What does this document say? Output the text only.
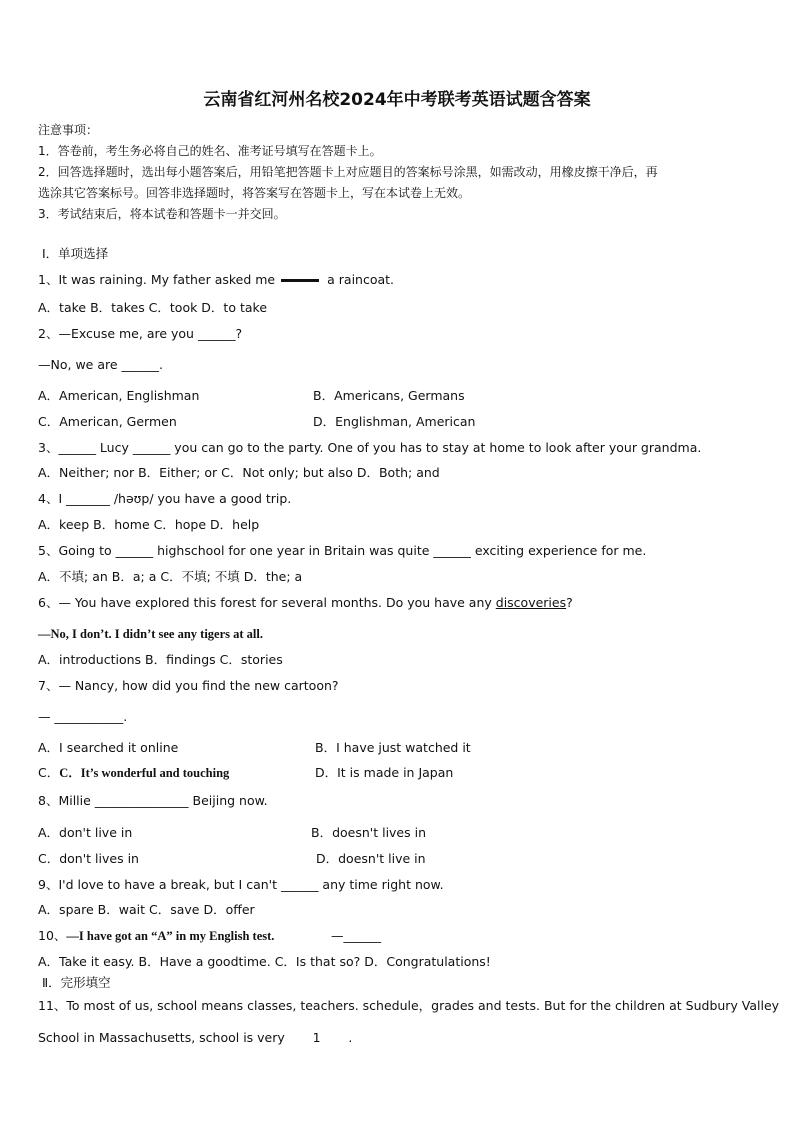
云南省红河州名校2024年中考联考英语试题含答案
注意事项：
1．答卷前，考生务必将自己的姓名、准考证号填写在答题卡上。
2．回答选择题时，选出每小题答案后，用铅笔把答题卡上对应题目的答案标号涂黑，如需改动，用橡皮擦干净后，再
选涂其它答案标号。回答非选择题时，将答案写在答题卡上，写在本试卷上无效。
3．考试结束后，将本试卷和答题卡一并交回。
Ⅰ．单项选择
1、It was raining. My father asked me	a raincoat.
A．take B．takes C．took D．to take
2、—Excuse me, are you ______?
—No, we are ______.
A．American, Englishman	B．Americans, Germans
C．American, Germen	D．Englishman, American
3、______ Lucy ______ you can go to the party. One of you has to stay at home to look after your grandma.
A．Neither; nor B．Either; or C．Not only; but also D．Both; and
4、I _______ /həʊp/ you have a good trip.
A．keep B．home C．hope D．help
5、Going to ______ highschool for one year in Britain was quite ______ exciting experience for me.
A．不填; an B．a; a C．不填; 不填 D．the; a
6、— You have explored this forest for several months. Do you have any discoveries?
—No, I don’t. I didn’t see any tigers at all.
A．introductions B．findings C．stories
7、— Nancy, how did you find the new cartoon?
— ___________.
A．I searched it online	B．I have just watched it
C．C．It’s wonderful and touching	D．It is made in Japan
8、Millie _______________ Beijing now.
A．don't live in	B．doesn't lives in
C．don't lives in	D．doesn't live in
9、I'd love to have a break, but I can't ______ any time right now.
A．spare B．wait C．save D．offer
10、—I have got an “A” in my English test.	—______
A．Take it easy. B．Have a goodtime. C．Is that so? D．Congratulations!
Ⅱ．完形填空
11、To most of us, school means classes, teachers. schedule，grades and tests. But for the children at Sudbury Valley
School in Massachusetts, school is very       1       .
